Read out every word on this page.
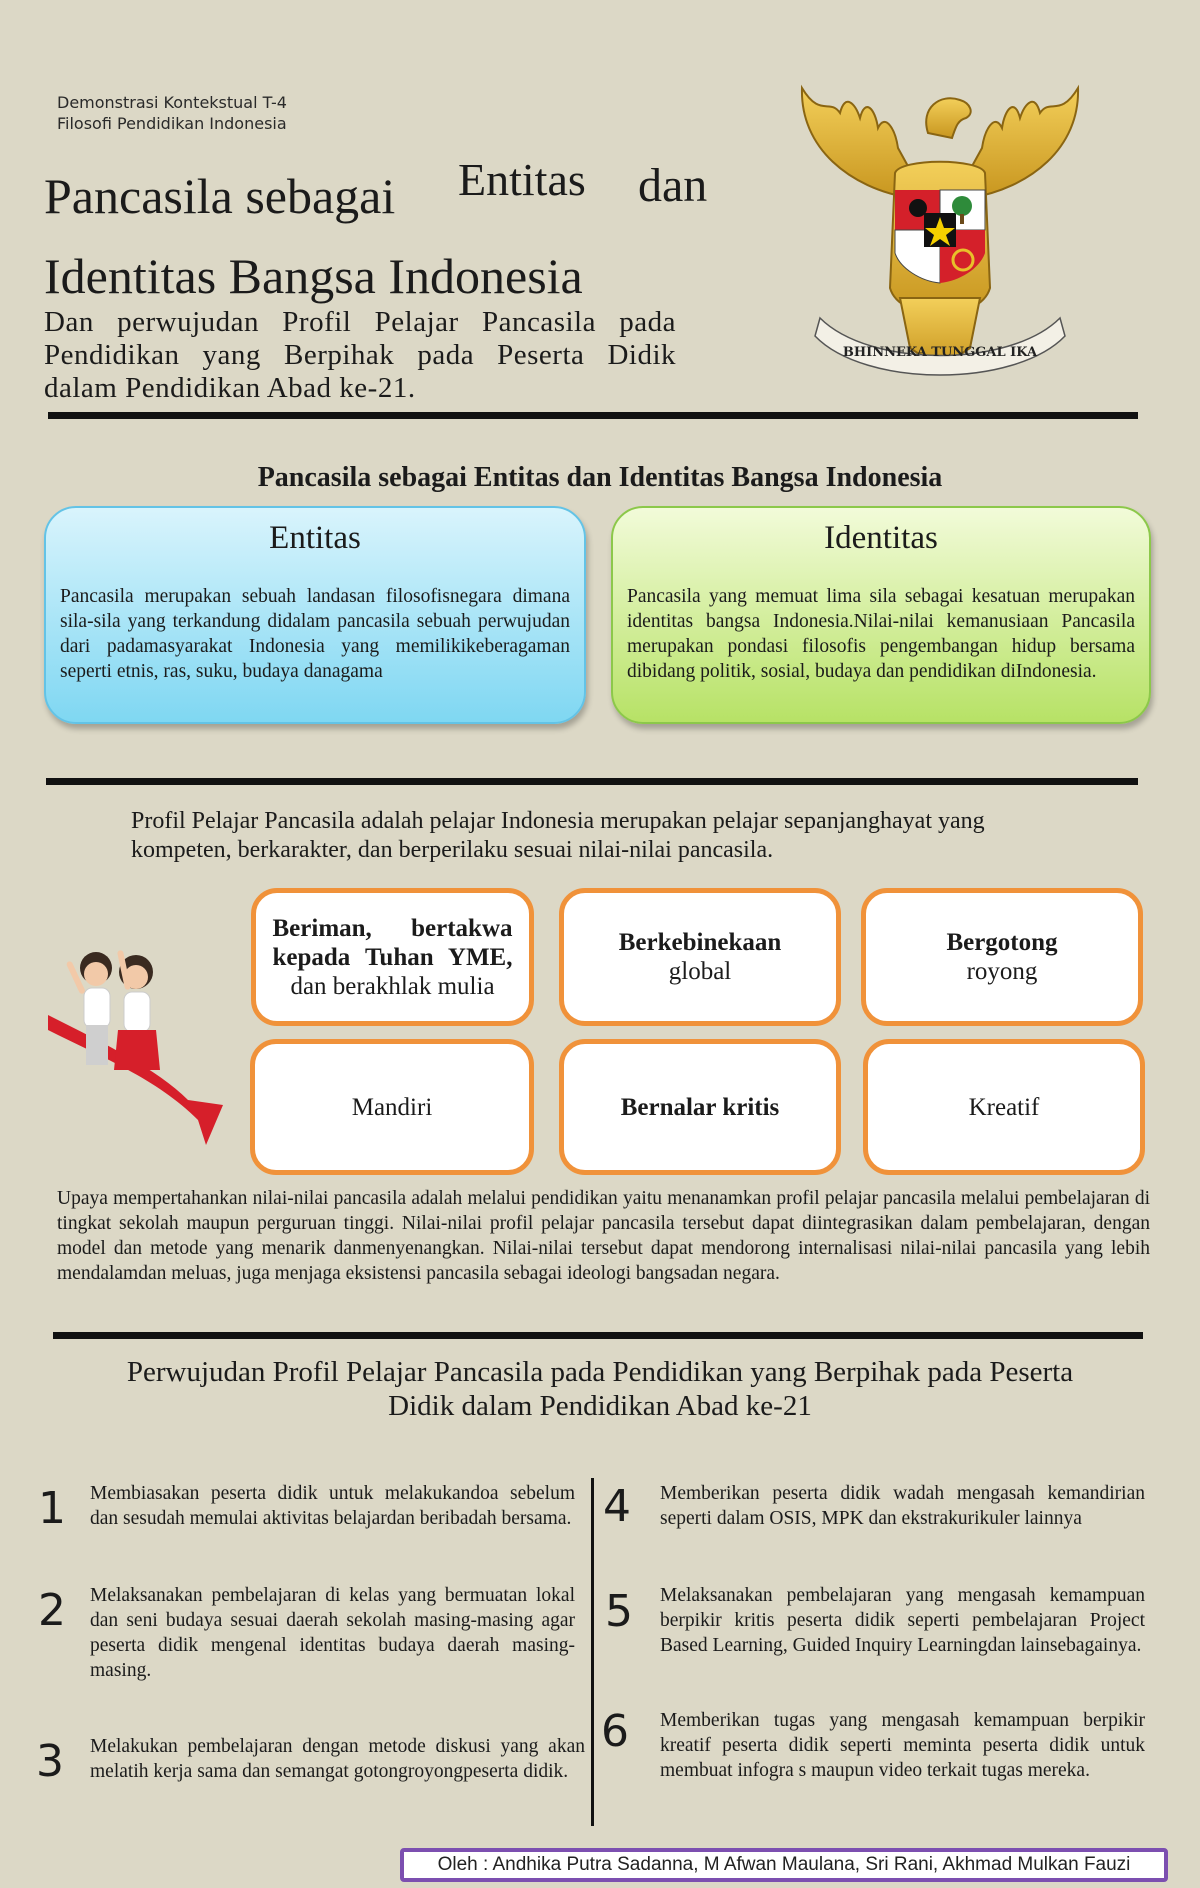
Demonstrasi Kontekstual T-4
Filosofi Pendidikan Indonesia
Pancasila sebagai Entitas dan
Identitas Bangsa Indonesia
Dan perwujudan Profil Pelajar Pancasila pada Pendidikan yang Berpihak pada Peserta Didik dalam Pendidikan Abad ke-21.
BHINNEKA TUNGGAL IKA
Pancasila sebagai Entitas dan Identitas Bangsa Indonesia
Entitas

Pancasila merupakan sebuah landasan filosofisnegara dimana sila-sila yang terkandung didalam pancasila sebuah perwujudan dari padamasyarakat Indonesia yang memilikikeberagaman seperti etnis, ras, suku, budaya danagama

Identitas

Pancasila yang memuat lima sila sebagai kesatuan merupakan identitas bangsa Indonesia.Nilai-nilai kemanusiaan Pancasila merupakan pondasi filosofis pengembangan hidup bersama dibidang politik, sosial, budaya dan pendidikan diIndonesia.

Profil Pelajar Pancasila adalah pelajar Indonesia merupakan pelajar sepanjanghayat yang kompeten, berkarakter, dan berperilaku sesuai nilai-nilai pancasila.
Beriman, bertakwa kepada Tuhan YME,
dan berakhlak mulia
Berkebinekaan
global
Bergotong
royong
Mandiri	Bernalar kritis	Kreatif
Upaya mempertahankan nilai-nilai pancasila adalah melalui pendidikan yaitu menanamkan profil pelajar pancasila melalui pembelajaran di tingkat sekolah maupun perguruan tinggi. Nilai-nilai profil pelajar pancasila tersebut dapat diintegrasikan dalam pembelajaran, dengan model dan metode yang menarik danmenyenangkan. Nilai-nilai tersebut dapat mendorong internalisasi nilai-nilai pancasila yang lebih mendalamdan meluas, juga menjaga eksistensi pancasila sebagai ideologi bangsadan negara.
Perwujudan Profil Pelajar Pancasila pada Pendidikan yang Berpihak pada Peserta
Didik dalam Pendidikan Abad ke-21
1 Membiasakan peserta didik untuk melakukandoa sebelum dan sesudah memulai aktivitas belajardan beribadah bersama.
2 Melaksanakan pembelajaran di kelas yang bermuatan lokal dan seni budaya sesuai daerah sekolah masing-masing agar peserta didik mengenal identitas budaya daerah masing-masing.
3 Melakukan pembelajaran dengan metode diskusi yang akan melatih kerja sama dan semangat gotongroyongpeserta didik.
4 Memberikan peserta didik wadah mengasah kemandirian seperti dalam OSIS, MPK dan ekstrakurikuler lainnya
5 Melaksanakan pembelajaran yang mengasah kemampuan berpikir kritis peserta didik seperti pembelajaran Project Based Learning, Guided Inquiry Learningdan lainsebagainya.
6 Memberikan tugas yang mengasah kemampuan berpikir kreatif peserta didik seperti meminta peserta didik untuk membuat infogra s maupun video terkait tugas mereka.
Oleh : Andhika Putra Sadanna, M Afwan Maulana, Sri Rani, Akhmad Mulkan Fauzi
